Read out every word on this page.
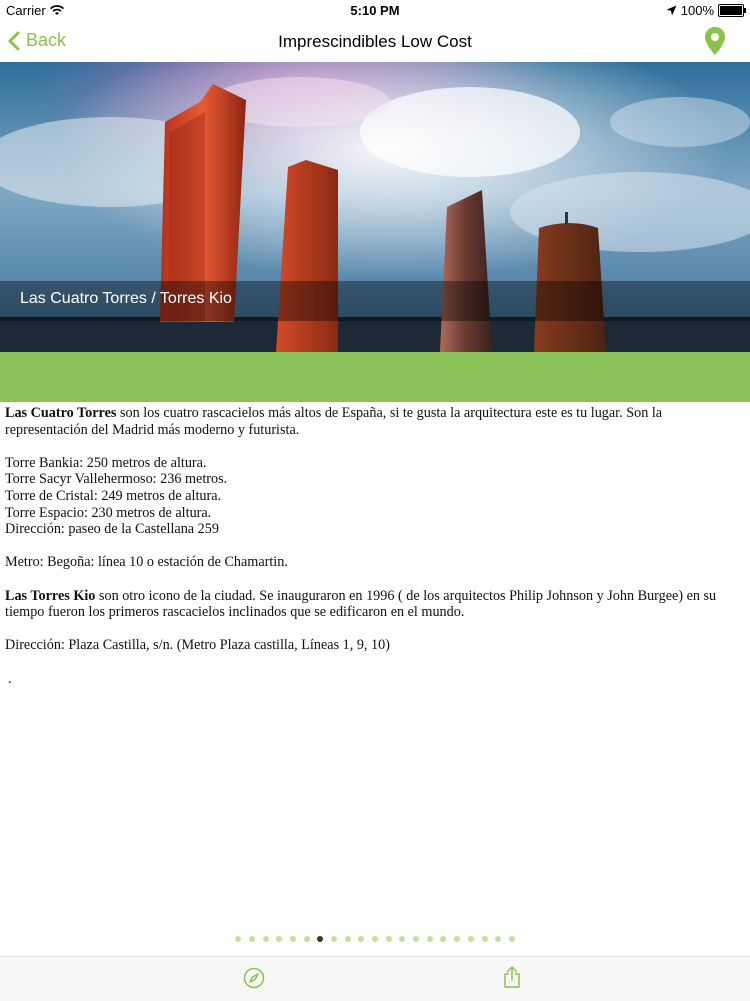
Carrier	5:10 PM	100%
Back	Imprescindibles Low Cost
Las Cuatro Torres / Torres Kio

Las Cuatro Torres son los cuatro rascacielos más altos de España, si te gusta la arquitectura este es tu lugar. Son la representación del Madrid más moderno y futurista.

Torre Bankia: 250 metros de altura.
Torre Sacyr Vallehermoso: 236 metros.
Torre de Cristal: 249 metros de altura.
Torre Espacio: 230 metros de altura.
Dirección: paseo de la Castellana 259

Metro: Begoña: línea 10 o estación de Chamartin.

Las Torres Kio son otro icono de la ciudad. Se inauguraron en 1996 ( de los arquitectos Philip Johnson y John Burgee) en su tiempo fueron los primeros rascacielos inclinados que se edificaron en el mundo.

Dirección: Plaza Castilla, s/n. (Metro Plaza castilla, Líneas 1, 9, 10)

.
